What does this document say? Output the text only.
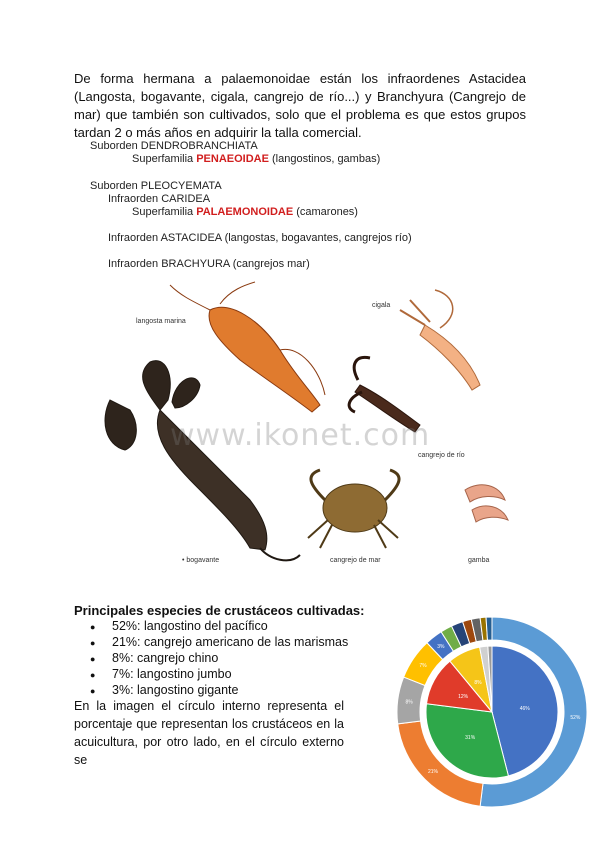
De forma hermana a palaemonoidae están los infraordenes Astacidea (Langosta, bogavante, cigala, cangrejo de río...) y Branchyura (Cangrejo de mar) que también son cultivados, solo que el problema es que estos grupos tardan 2 o más años en adquirir la talla comercial.

Suborden DENDROBRANCHIATA
Superfamilia PENAEOIDAE (langostinos, gambas)
Suborden PLEOCYEMATA
Infraorden CARIDEA
Superfamilia PALAEMONOIDAE (camarones)
Infraorden ASTACIDEA (langostas, bogavantes, cangrejos río)
Infraorden BRACHYURA (cangrejos mar)
langosta marina
cigala
cangrejo de río
• bogavante	cangrejo de mar	gamba
www.ikonet.com
Principales especies de crustáceos cultivadas:
● 52%: langostino del pacífico
● 21%: cangrejo americano de las marismas
● 8%: cangrejo chino
● 7%: langostino jumbo
● 3%: langostino gigante

En la imagen el círculo interno representa el porcentaje que representan los crustáceos en la acuicultura, por otro lado, en el círculo externo se

52%
21%
8%
7%
3%
46%
31%
12%
8%
